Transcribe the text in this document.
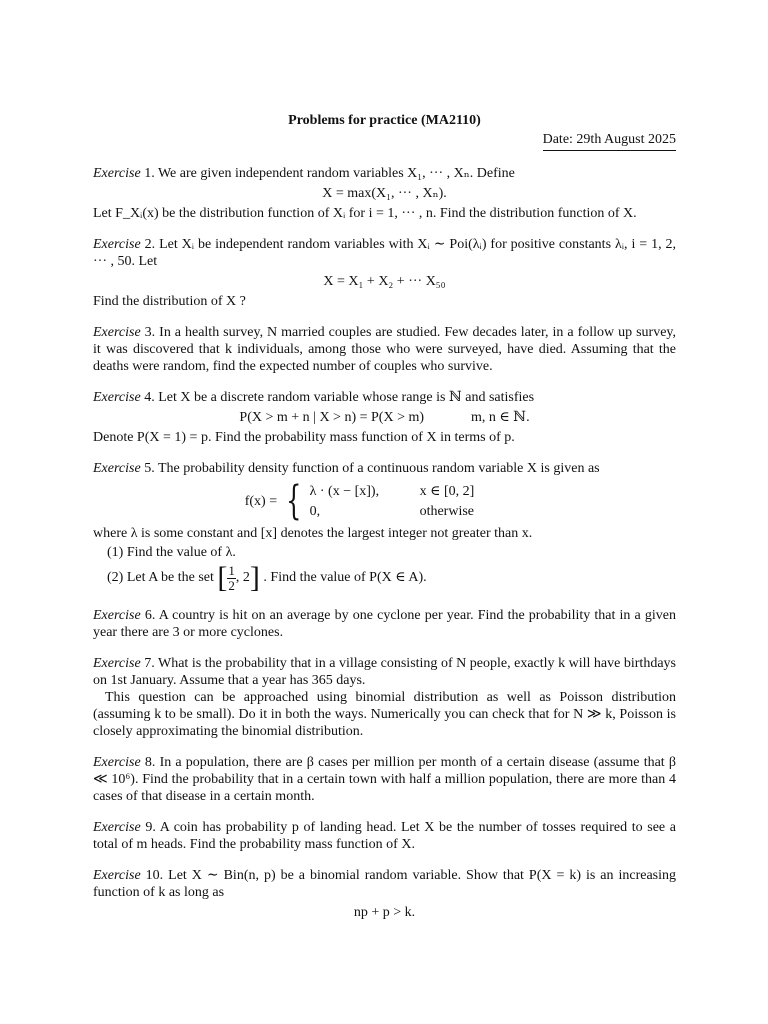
Problems for practice (MA2110)
Date: 29th August 2025

Exercise 1. We are given independent random variables X₁, ··· , Xₙ. Define

X = max(X₁, ··· , Xₙ).

Let F_Xᵢ(x) be the distribution function of Xᵢ for i = 1, ··· , n. Find the distribution function of X.

Exercise 2. Let Xᵢ be independent random variables with Xᵢ ∼ Poi(λᵢ) for positive constants λᵢ, i = 1, 2, ··· , 50. Let

X = X₁ + X₂ + ··· X₅₀

Find the distribution of X ?

Exercise 3. In a health survey, N married couples are studied. Few decades later, in a follow up survey, it was discovered that k individuals, among those who were surveyed, have died. Assuming that the deaths were random, find the expected number of couples who survive.

Exercise 4. Let X be a discrete random variable whose range is ℕ and satisfies

P(X > m + n | X > n) = P(X > m)	m, n ∈ ℕ.

Denote P(X = 1) = p. Find the probability mass function of X in terms of p.

Exercise 5. The probability density function of a continuous random variable X is given as

f(x) = { λ · (x − [x]),	x ∈ [0, 2]
0,	otherwise

where λ is some constant and [x] denotes the largest integer not greater than x.

(1) Find the value of λ.
(2) Let A be the set [ $\frac{1}{2}$ , 2] . Find the value of P(X ∈ A).

Exercise 6. A country is hit on an average by one cyclone per year. Find the probability that in a given year there are 3 or more cyclones.

Exercise 7. What is the probability that in a village consisting of N people, exactly k will have birthdays on 1st January. Assume that a year has 365 days.

This question can be approached using binomial distribution as well as Poisson distribution (assuming k to be small). Do it in both the ways. Numerically you can check that for N ≫ k, Poisson is closely approximating the binomial distribution.

Exercise 8. In a population, there are β cases per million per month of a certain disease (assume that β ≪ 10⁶). Find the probability that in a certain town with half a million population, there are more than 4 cases of that disease in a certain month.

Exercise 9. A coin has probability p of landing head. Let X be the number of tosses required to see a total of m heads. Find the probability mass function of X.

Exercise 10. Let X ∼ Bin(n, p) be a binomial random variable. Show that P(X = k) is an increasing function of k as long as

np + p > k.
